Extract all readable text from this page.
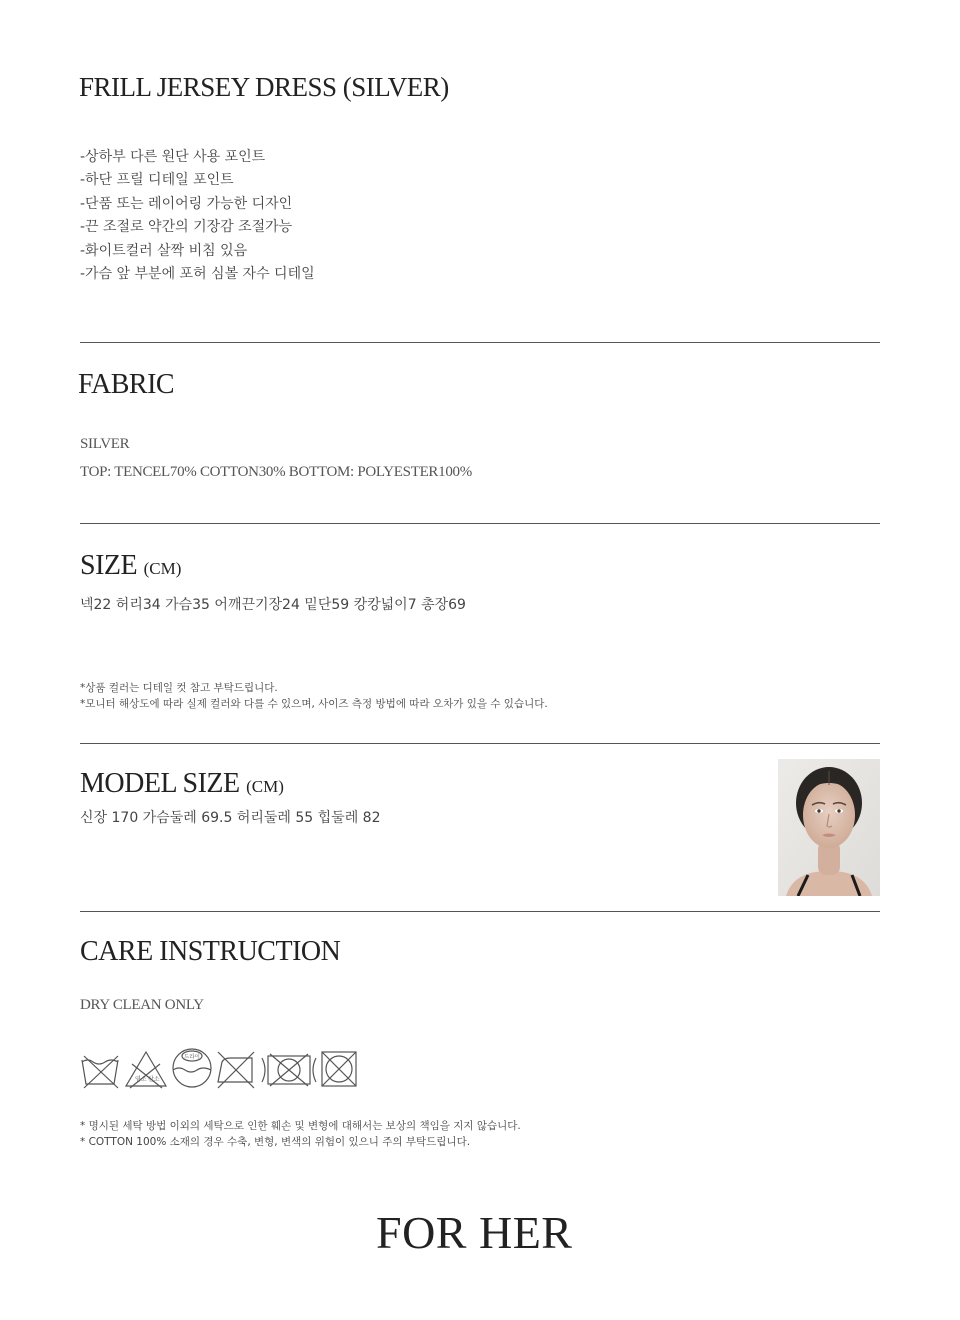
FRILL JERSEY DRESS (SILVER)
-상하부 다른 원단 사용 포인트
-하단 프릴 디테일 포인트
-단품 또는 레이어링 가능한 디자인
-끈 조절로 약간의 기장감 조절가능
-화이트컬러 살짝 비침 있음
-가슴 앞 부분에 포허 심볼 자수 디테일
FABRIC
SILVER
TOP: TENCEL70% COTTON30% BOTTOM: POLYESTER100%
SIZE (CM)
넥22 허리34 가슴35 어깨끈기장24 밑단59 캉캉넓이7 총장69
*상품 컬러는 디테일 컷 참고 부탁드립니다.
*모니터 해상도에 따라 실제 컬러와 다를 수 있으며, 사이즈 측정 방법에 따라 오차가 있을 수 있습니다.
MODEL SIZE (CM)
신장 170 가슴둘레 69.5 허리둘레 55 힙둘레 82
CARE INSTRUCTION
DRY CLEAN ONLY
염소 산소
드라이
* 명시된 세탁 방법 이외의 세탁으로 인한 훼손 및 변형에 대해서는 보상의 책임을 지지 않습니다.
* COTTON 100% 소재의 경우 수축, 변형, 변색의 위험이 있으니 주의 부탁드립니다.
FOR HER
